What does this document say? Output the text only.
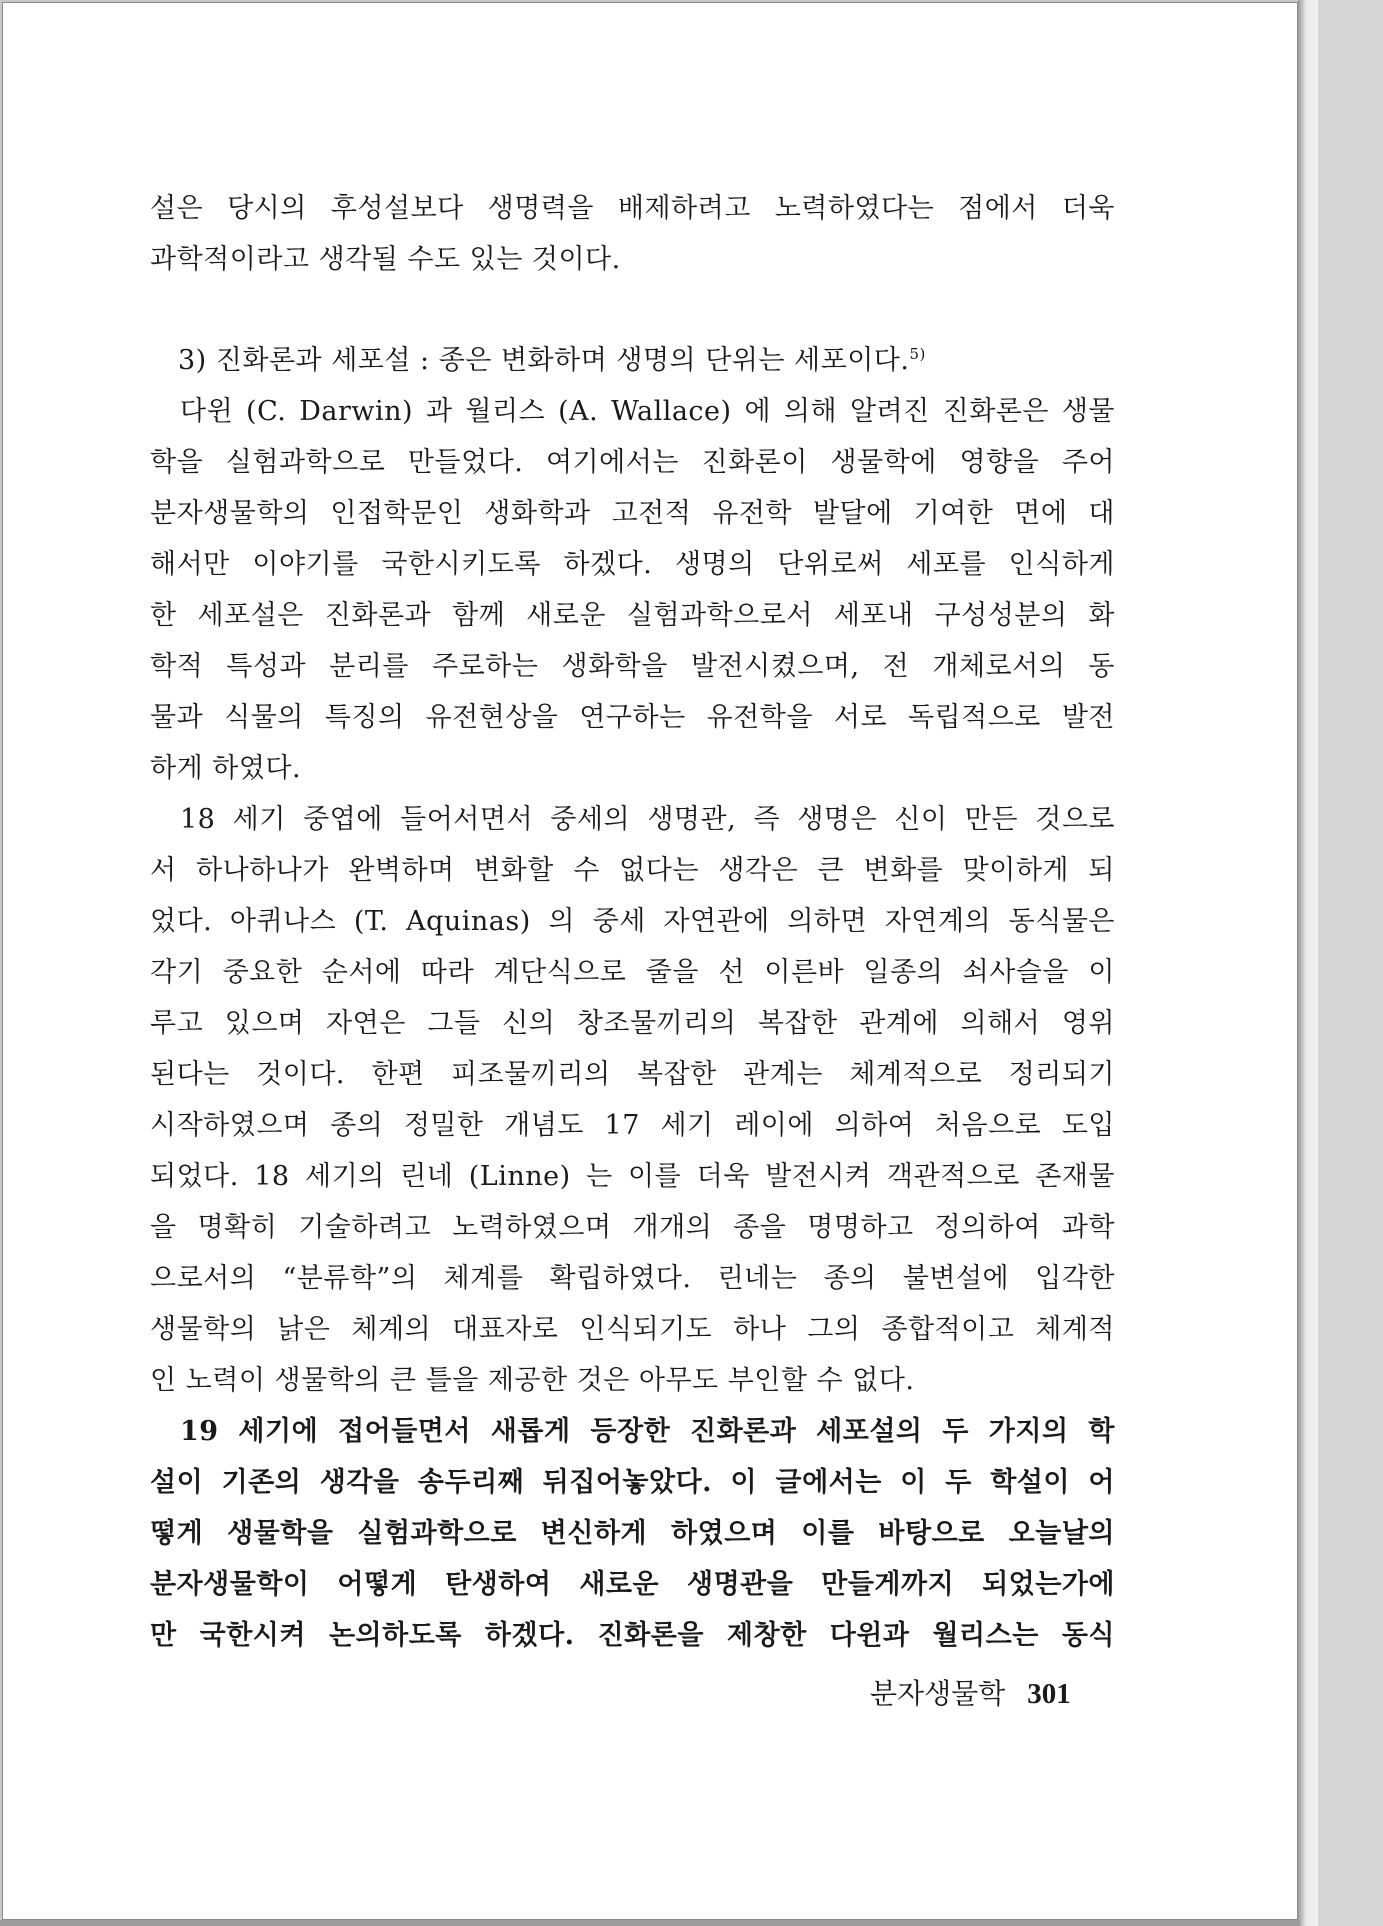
설은 당시의 후성설보다 생명력을 배제하려고 노력하였다는 점에서 더욱
과학적이라고 생각될 수도 있는 것이다.
3) 진화론과 세포설 : 종은 변화하며 생명의 단위는 세포이다.$^{5)}$
다윈 (C. Darwin) 과 월리스 (A. Wallace) 에 의해 알려진 진화론은 생물
학을 실험과학으로 만들었다. 여기에서는 진화론이 생물학에 영향을 주어
분자생물학의 인접학문인 생화학과 고전적 유전학 발달에 기여한 면에 대
해서만 이야기를 국한시키도록 하겠다. 생명의 단위로써 세포를 인식하게
한 세포설은 진화론과 함께 새로운 실험과학으로서 세포내 구성성분의 화
학적 특성과 분리를 주로하는 생화학을 발전시켰으며, 전 개체로서의 동
물과 식물의 특징의 유전현상을 연구하는 유전학을 서로 독립적으로 발전
하게 하였다.
18 세기 중엽에 들어서면서 중세의 생명관, 즉 생명은 신이 만든 것으로
서 하나하나가 완벽하며 변화할 수 없다는 생각은 큰 변화를 맞이하게 되
었다. 아퀴나스 (T. Aquinas) 의 중세 자연관에 의하면 자연계의 동식물은
각기 중요한 순서에 따라 계단식으로 줄을 선 이른바 일종의 쇠사슬을 이
루고 있으며 자연은 그들 신의 창조물끼리의 복잡한 관계에 의해서 영위
된다는 것이다. 한편 피조물끼리의 복잡한 관계는 체계적으로 정리되기
시작하였으며 종의 정밀한 개념도 17 세기 레이에 의하여 처음으로 도입
되었다. 18 세기의 린네 (Linne) 는 이를 더욱 발전시켜 객관적으로 존재물
을 명확히 기술하려고 노력하였으며 개개의 종을 명명하고 정의하여 과학
으로서의 “분류학”의 체계를 확립하였다. 린네는 종의 불변설에 입각한
생물학의 낡은 체계의 대표자로 인식되기도 하나 그의 종합적이고 체계적
인 노력이 생물학의 큰 틀을 제공한 것은 아무도 부인할 수 없다.
19 세기에 접어들면서 새롭게 등장한 진화론과 세포설의 두 가지의 학
설이 기존의 생각을 송두리째 뒤집어놓았다. 이 글에서는 이 두 학설이 어
떻게 생물학을 실험과학으로 변신하게 하였으며 이를 바탕으로 오늘날의
분자생물학이 어떻게 탄생하여 새로운 생명관을 만들게까지 되었는가에
만 국한시켜 논의하도록 하겠다. 진화론을 제창한 다윈과 월리스는 동식
분자생물학 301
